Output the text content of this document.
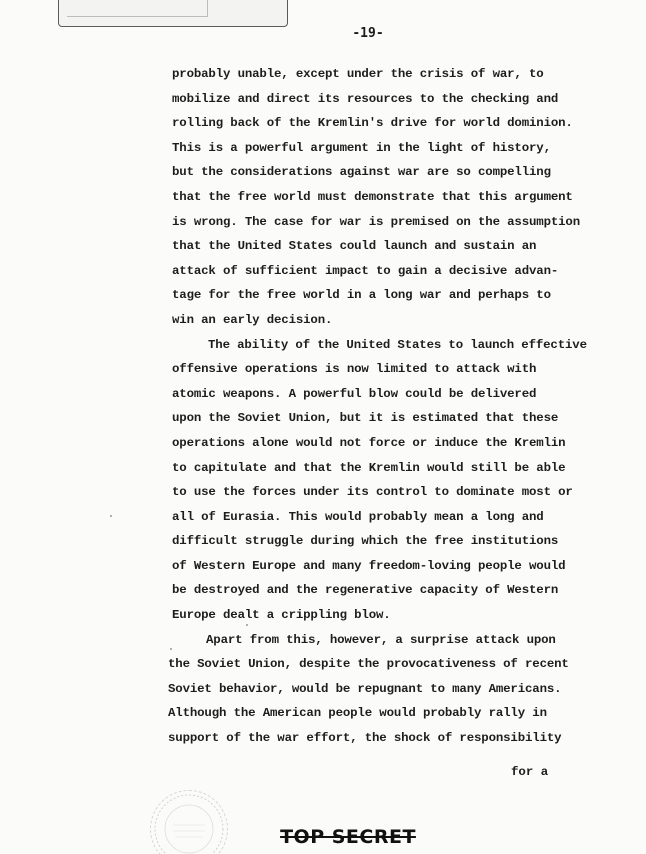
-19-
probably unable, except under the crisis of war, to
mobilize and direct its resources to the checking and
rolling back of the Kremlin's drive for world dominion.
This is a powerful argument in the light of history,
but the considerations against war are so compelling
that the free world must demonstrate that this argument
is wrong. The case for war is premised on the assumption
that the United States could launch and sustain an
attack of sufficient impact to gain a decisive advan-
tage for the free world in a long war and perhaps to
win an early decision.
The ability of the United States to launch effective
offensive operations is now limited to attack with
atomic weapons. A powerful blow could be delivered
upon the Soviet Union, but it is estimated that these
operations alone would not force or induce the Kremlin
to capitulate and that the Kremlin would still be able
to use the forces under its control to dominate most or
all of Eurasia. This would probably mean a long and
difficult struggle during which the free institutions
of Western Europe and many freedom-loving people would
be destroyed and the regenerative capacity of Western
Europe dealt a crippling blow.
Apart from this, however, a surprise attack upon
the Soviet Union, despite the provocativeness of recent
Soviet behavior, would be repugnant to many Americans.
Although the American people would probably rally in
support of the war effort, the shock of responsibility
for a
TOP SECRET
